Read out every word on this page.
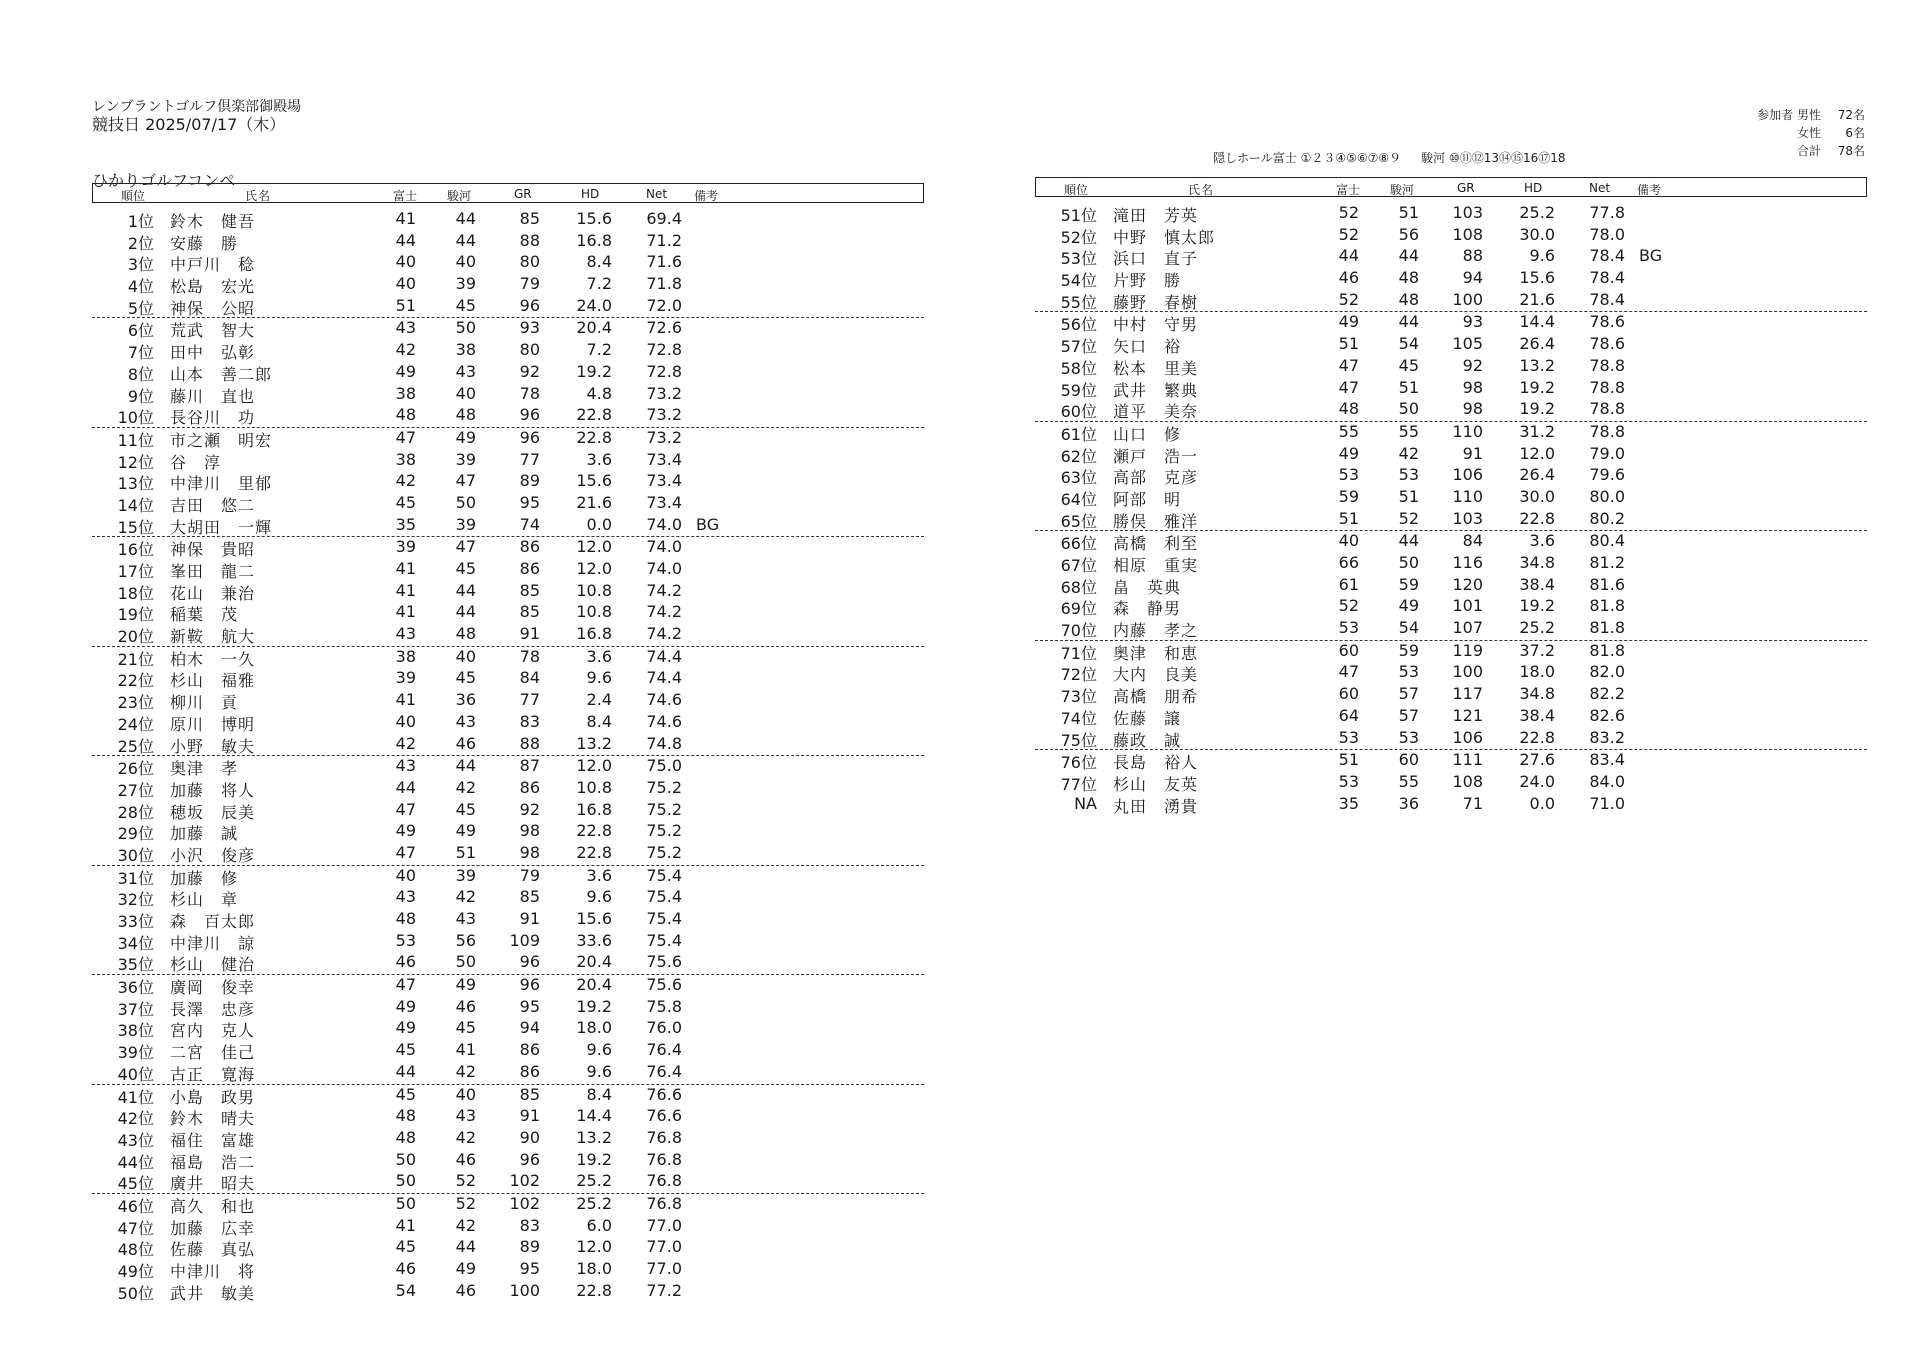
レンブラントゴルフ倶楽部御殿場
競技日 2025/07/17（木）
ひかりゴルフコンペ
参加者 男性 72名
女性 6名
合計 78名
隠しホール富士 ①２３④⑤⑥⑦⑧９ 駿河 ⑩⑪⑫13⑭⑮16⑰18
順位	氏名	富士 駿河	GR	HD	Net 備考
1位 鈴木　健吾	41	44	85	15.6	69.4
2位 安藤　勝	44	44	88	16.8	71.2
3位 中戸川　稔	40	40	80	8.4	71.6
4位 松島　宏光	40	39	79	7.2	71.8
5位 神保　公昭	51	45	96	24.0	72.0
6位 荒武　智大	43	50	93	20.4	72.6
7位 田中　弘彰	42	38	80	7.2	72.8
8位 山本　善二郎	49	43	92	19.2	72.8
9位 藤川　直也	38	40	78	4.8	73.2
10位 長谷川　功	48	48	96	22.8	73.2
11位 市之瀬　明宏	47	49	96	22.8	73.2
12位 谷　淳	38	39	77	3.6	73.4
13位 中津川　里郁	42	47	89	15.6	73.4
14位 吉田　悠二	45	50	95	21.6	73.4
15位 大胡田　一輝	35	39	74	0.0	74.0 BG
16位 神保　貴昭	39	47	86	12.0	74.0
17位 峯田　龍二	41	45	86	12.0	74.0
18位 花山　兼治	41	44	85	10.8	74.2
19位 稲葉　茂	41	44	85	10.8	74.2
20位 新鞍　航大	43	48	91	16.8	74.2
21位 柏木　一久	38	40	78	3.6	74.4
22位 杉山　福雅	39	45	84	9.6	74.4
23位 柳川　貢	41	36	77	2.4	74.6
24位 原川　博明	40	43	83	8.4	74.6
25位 小野　敏夫	42	46	88	13.2	74.8
26位 奥津　孝	43	44	87	12.0	75.0
27位 加藤　将人	44	42	86	10.8	75.2
28位 穂坂　辰美	47	45	92	16.8	75.2
29位 加藤　誠	49	49	98	22.8	75.2
30位 小沢　俊彦	47	51	98	22.8	75.2
31位 加藤　修	40	39	79	3.6	75.4
32位 杉山　章	43	42	85	9.6	75.4
33位 森　百太郎	48	43	91	15.6	75.4
34位 中津川　諒	53	56	109	33.6	75.4
35位 杉山　健治	46	50	96	20.4	75.6
36位 廣岡　俊幸	47	49	96	20.4	75.6
37位 長澤　忠彦	49	46	95	19.2	75.8
38位 宮内　克人	49	45	94	18.0	76.0
39位 二宮　佳己	45	41	86	9.6	76.4
40位 古正　寛海	44	42	86	9.6	76.4
41位 小島　政男	45	40	85	8.4	76.6
42位 鈴木　晴夫	48	43	91	14.4	76.6
43位 福住　富雄	48	42	90	13.2	76.8
44位 福島　浩二	50	46	96	19.2	76.8
45位 廣井　昭夫	50	52	102	25.2	76.8
46位 高久　和也	50	52	102	25.2	76.8
47位 加藤　広幸	41	42	83	6.0	77.0
48位 佐藤　真弘	45	44	89	12.0	77.0
49位 中津川　将	46	49	95	18.0	77.0
50位 武井　敏美	54	46	100	22.8	77.2
順位	氏名	富士 駿河	GR	HD	Net 備考
51位 滝田　芳英	52	51	103	25.2	77.8
52位 中野　慎太郎	52	56	108	30.0	78.0
53位 浜口　直子	44	44	88	9.6	78.4 BG
54位 片野　勝	46	48	94	15.6	78.4
55位 藤野　春樹	52	48	100	21.6	78.4
56位 中村　守男	49	44	93	14.4	78.6
57位 矢口　裕	51	54	105	26.4	78.6
58位 松本　里美	47	45	92	13.2	78.8
59位 武井　繁典	47	51	98	19.2	78.8
60位 道平　美奈	48	50	98	19.2	78.8
61位 山口　修	55	55	110	31.2	78.8
62位 瀬戸　浩一	49	42	91	12.0	79.0
63位 高部　克彦	53	53	106	26.4	79.6
64位 阿部　明	59	51	110	30.0	80.0
65位 勝俣　雅洋	51	52	103	22.8	80.2
66位 高橋　利至	40	44	84	3.6	80.4
67位 相原　重実	66	50	116	34.8	81.2
68位 畠　英典	61	59	120	38.4	81.6
69位 森　静男	52	49	101	19.2	81.8
70位 内藤　孝之	53	54	107	25.2	81.8
71位 奥津　和恵	60	59	119	37.2	81.8
72位 大内　良美	47	53	100	18.0	82.0
73位 高橋　朋希	60	57	117	34.8	82.2
74位 佐藤　譲	64	57	121	38.4	82.6
75位 藤政　誠	53	53	106	22.8	83.2
76位 長島　裕人	51	60	111	27.6	83.4
77位 杉山　友英	53	55	108	24.0	84.0
NA 丸田　湧貴	35	36	71	0.0	71.0
